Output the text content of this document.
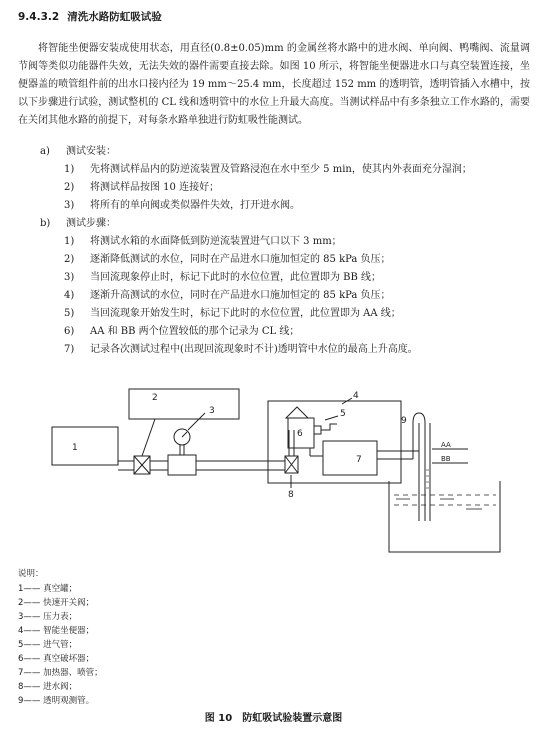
9.4.3.2 清洗水路防虹吸试验
将智能坐便器安装成使用状态，用直径(0.8±0.05)mm 的金属丝将水路中的进水阀、单向阀、鸭嘴阀、流量调节阀等类似功能器件失效，无法失效的器件需要直接去除。如图 10 所示，将智能坐便器进水口与真空装置连接，坐便器盖的喷管组件前的出水口接内径为 19 mm～25.4 mm，长度超过 152 mm 的透明管，透明管插入水槽中，按以下步骤进行试验，测试整机的 CL 线和透明管中的水位上升最大高度。当测试样品中有多条独立工作水路的，需要在关闭其他水路的前提下，对每条水路单独进行防虹吸性能测试。
a) 测试安装：
1) 先将测试样品内的防逆流装置及管路浸泡在水中至少 5 min，使其内外表面充分湿润；
2) 将测试样品按图 10 连接好；
3) 将所有的单向阀或类似器件失效，打开进水阀。
b) 测试步骤：
1) 将测试水箱的水面降低到防逆流装置进气口以下 3 mm；
2) 逐渐降低测试的水位，同时在产品进水口施加恒定的 85 kPa 负压；
3) 当回流现象停止时，标记下此时的水位位置，此位置即为 BB 线；
4) 逐渐升高测试的水位，同时在产品进水口施加恒定的 85 kPa 负压；
5) 当回流现象开始发生时，标记下此时的水位位置，此位置即为 AA 线；
6) AA 和 BB 两个位置较低的那个记录为 CL 线；
7) 记录各次测试过程中(出现回流现象时不计)透明管中水位的最高上升高度。
1
2
3
4
5
6
7
8
9
AA
BB
说明：
1—— 真空罐；
2—— 快速开关阀；
3—— 压力表；
4—— 智能坐便器；
5—— 进气管；
6—— 真空破坏器；
7—— 加热器、喷管；
8—— 进水阀；
9—— 透明观测管。
图 10 防虹吸试验装置示意图
